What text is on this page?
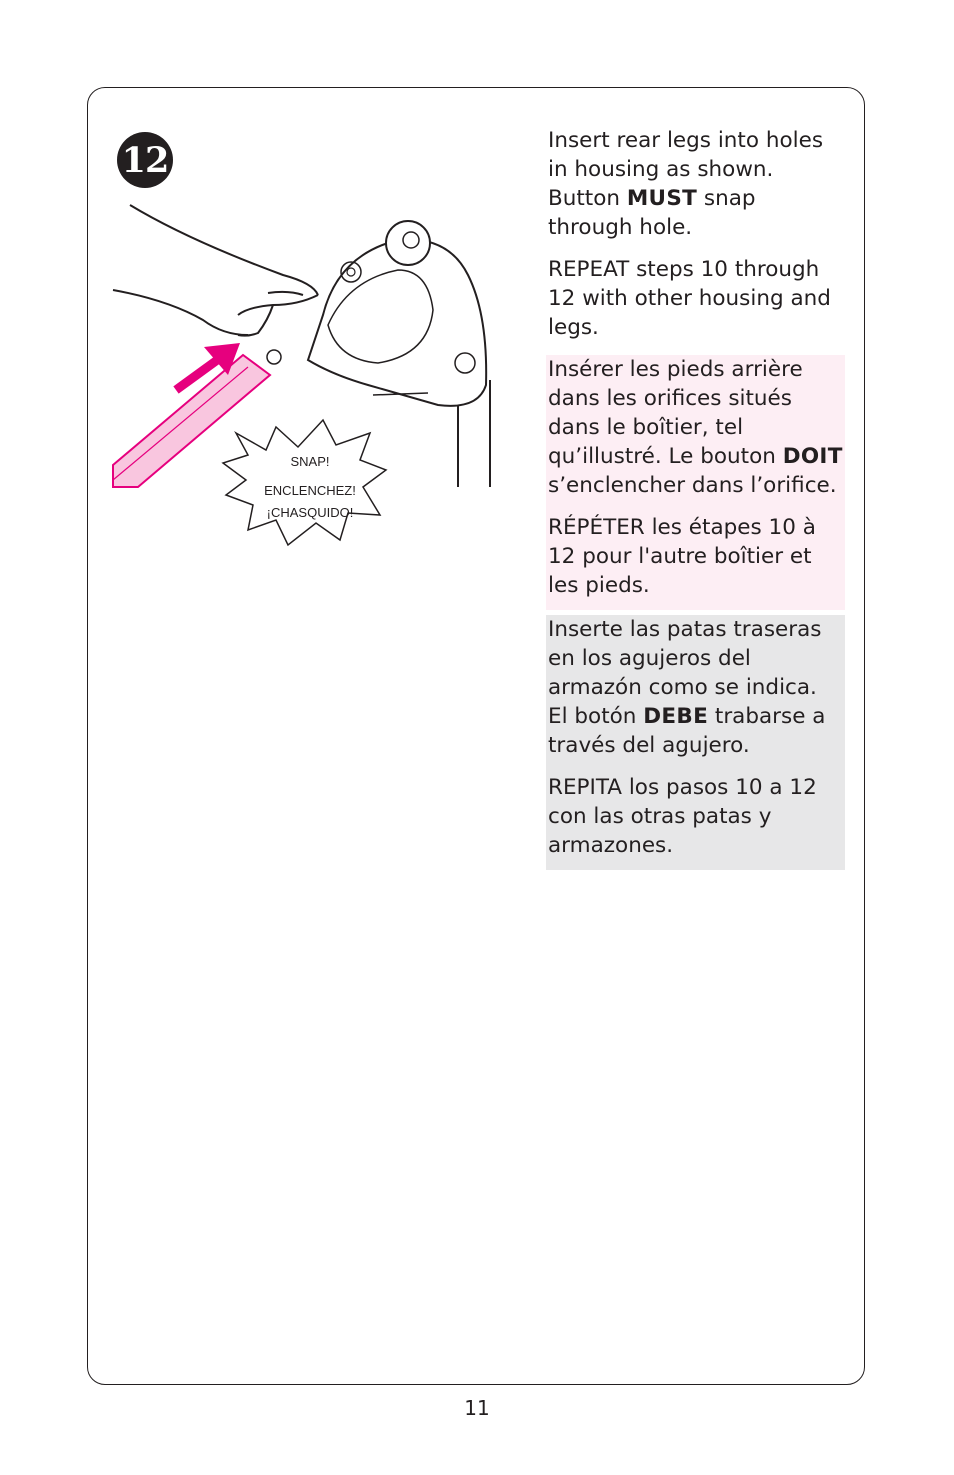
12
SNAP!
ENCLENCHEZ!
¡CHASQUIDO!

Insert rear legs into holes in housing as shown. Button MUST snap through hole.

REPEAT steps 10 through 12 with other housing and legs.

Insérer les pieds arrière dans les orifices situés dans le boîtier, tel qu’illustré. Le bouton DOIT s’enclencher dans l’orifice.

RÉPÉTER les étapes 10 à 12 pour l'autre boîtier et les pieds.

Inserte las patas traseras en los agujeros del armazón como se indica. El botón DEBE trabarse a través del agujero.

REPITA los pasos 10 a 12 con las otras patas y armazones.

11
